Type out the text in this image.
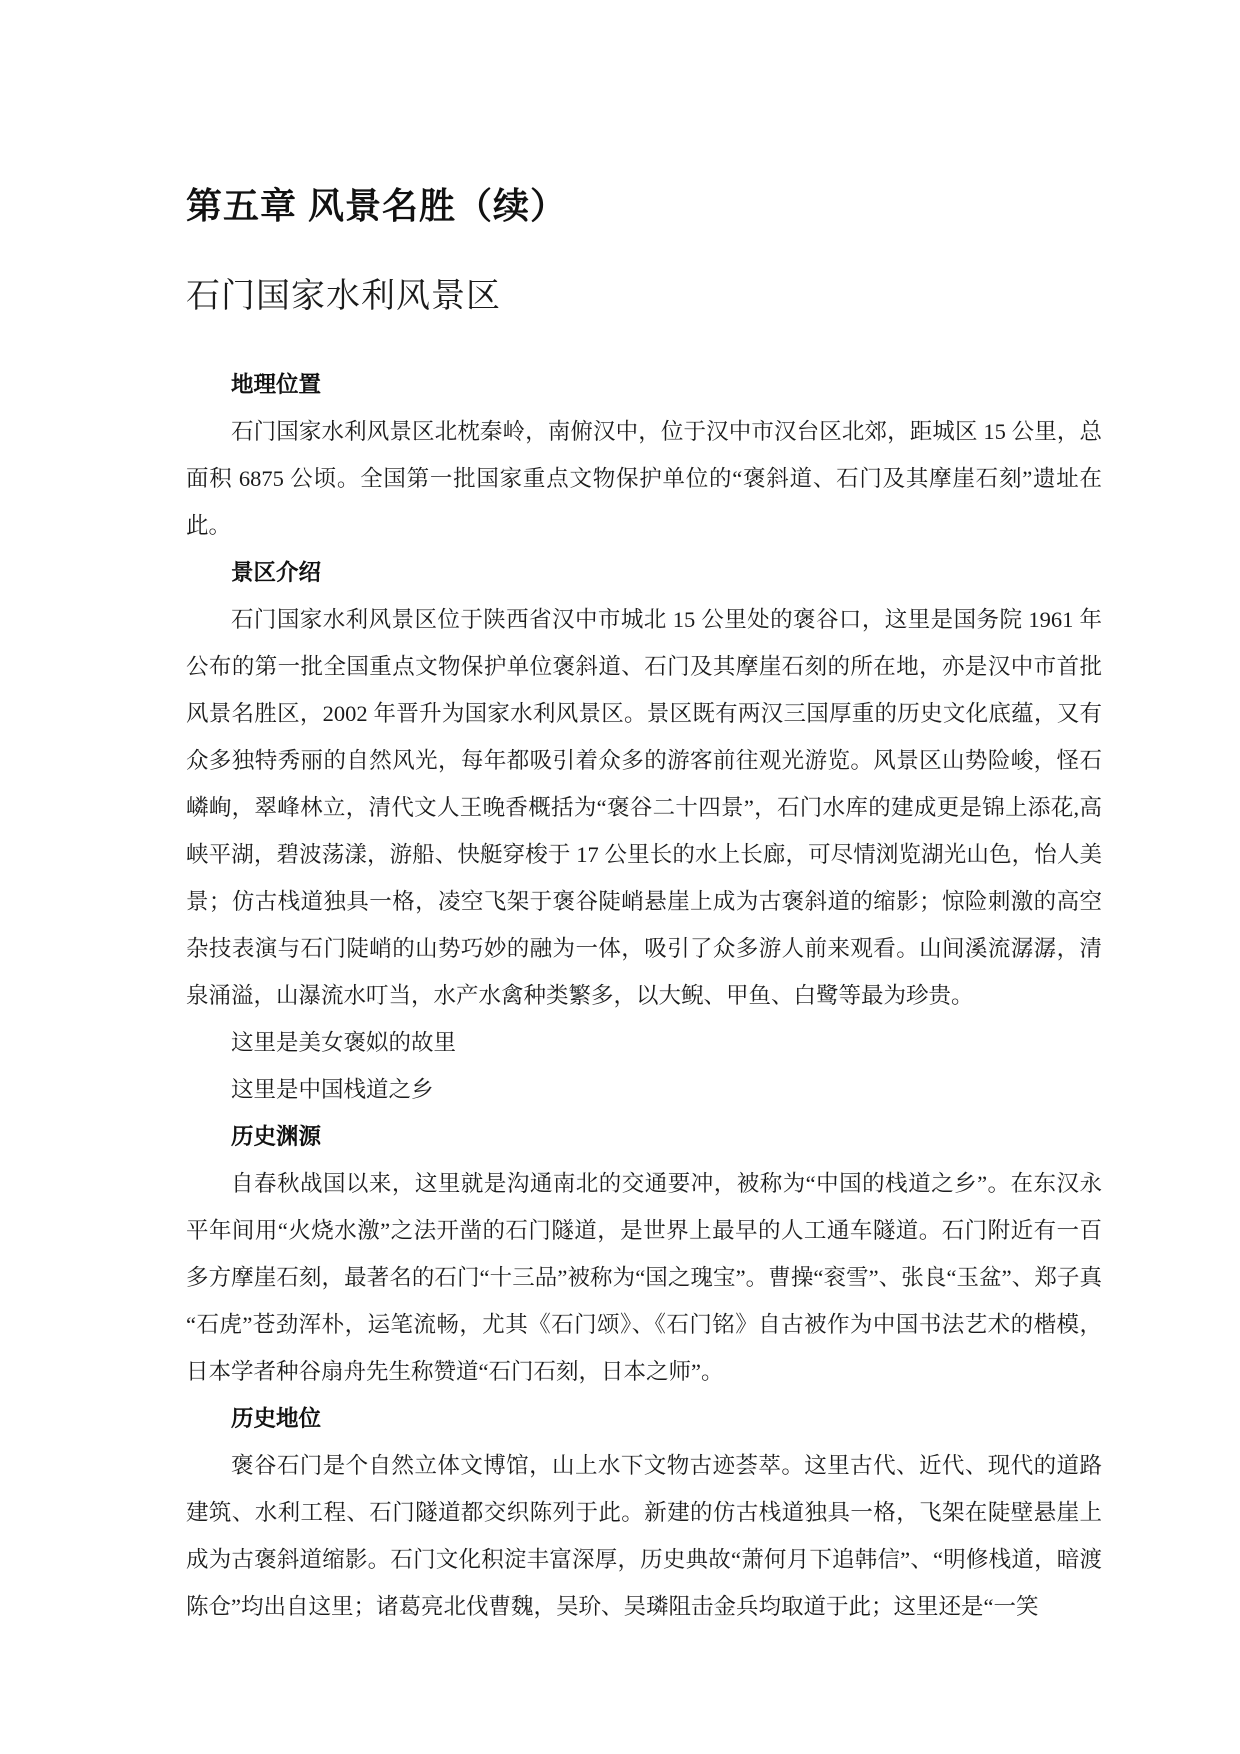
第五章 风景名胜（续）
石门国家水利风景区
地理位置

石门国家水利风景区北枕秦岭，南俯汉中，位于汉中市汉台区北郊，距城区 15 公里，总面积 6875 公顷。全国第一批国家重点文物保护单位的“褒斜道、石门及其摩崖石刻”遗址在此。

景区介绍

石门国家水利风景区位于陕西省汉中市城北 15 公里处的褒谷口，这里是国务院 1961 年公布的第一批全国重点文物保护单位褒斜道、石门及其摩崖石刻的所在地，亦是汉中市首批风景名胜区，2002 年晋升为国家水利风景区。景区既有两汉三国厚重的历史文化底蕴，又有众多独特秀丽的自然风光，每年都吸引着众多的游客前往观光游览。风景区山势险峻，怪石嶙峋，翠峰林立，清代文人王晚香概括为“褒谷二十四景”，石门水库的建成更是锦上添花,高峡平湖，碧波荡漾，游船、快艇穿梭于 17 公里长的水上长廊，可尽情浏览湖光山色，怡人美景；仿古栈道独具一格，凌空飞架于褒谷陡峭悬崖上成为古褒斜道的缩影；惊险刺激的高空杂技表演与石门陡峭的山势巧妙的融为一体，吸引了众多游人前来观看。山间溪流潺潺，清泉涌溢，山瀑流水叮当，水产水禽种类繁多，以大鲵、甲鱼、白鹭等最为珍贵。

这里是美女褒姒的故里

这里是中国栈道之乡

历史渊源

自春秋战国以来，这里就是沟通南北的交通要冲，被称为“中国的栈道之乡”。在东汉永平年间用“火烧水激”之法开凿的石门隧道，是世界上最早的人工通车隧道。石门附近有一百多方摩崖石刻，最著名的石门“十三品”被称为“国之瑰宝”。曹操“衮雪”、张良“玉盆”、郑子真“石虎”苍劲浑朴，运笔流畅，尤其《石门颂》、《石门铭》自古被作为中国书法艺术的楷模，日本学者种谷扇舟先生称赞道“石门石刻，日本之师”。

历史地位

褒谷石门是个自然立体文博馆，山上水下文物古迹荟萃。这里古代、近代、现代的道路建筑、水利工程、石门隧道都交织陈列于此。新建的仿古栈道独具一格，飞架在陡壁悬崖上成为古褒斜道缩影。石门文化积淀丰富深厚，历史典故“萧何月下追韩信”、“明修栈道，暗渡陈仓”均出自这里；诸葛亮北伐曹魏，吴玠、吴璘阻击金兵均取道于此；这里还是“一笑
